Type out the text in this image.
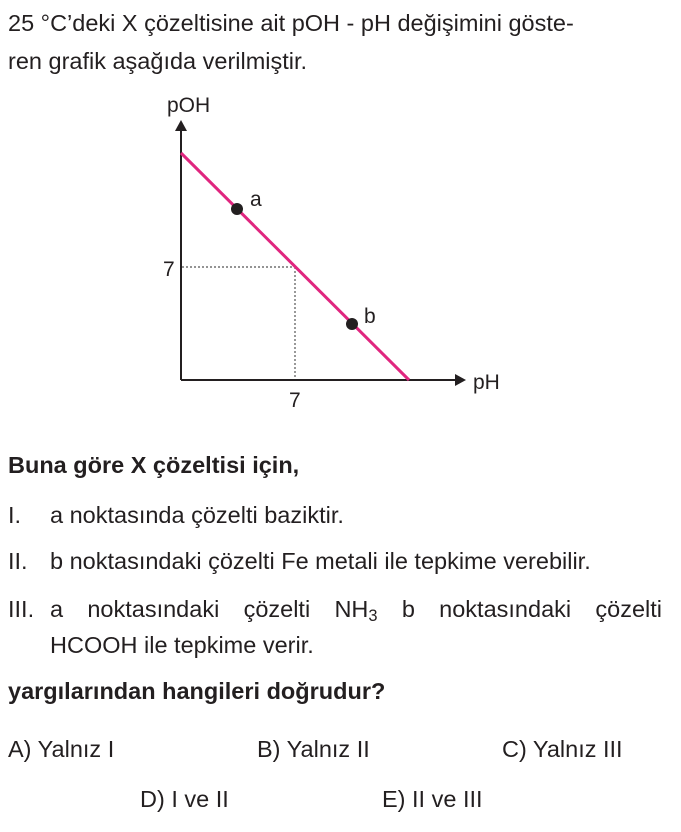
25 °C’deki X çözeltisine ait pOH - pH değişimini göste-
ren grafik aşağıda verilmiştir.
pOH
pH
7
7
a
b
Buna göre X çözeltisi için,
I. a noktasında çözelti baziktir.
II. b noktasındaki çözelti Fe metali ile tepkime verebilir.
III. a noktasındaki çözelti $NH_3$ b noktasındaki çözelti
HCOOH ile tepkime verir.
yargılarından hangileri doğrudur?
A) Yalnız I	B) Yalnız II	C) Yalnız III
D) I ve II	E) II ve III
